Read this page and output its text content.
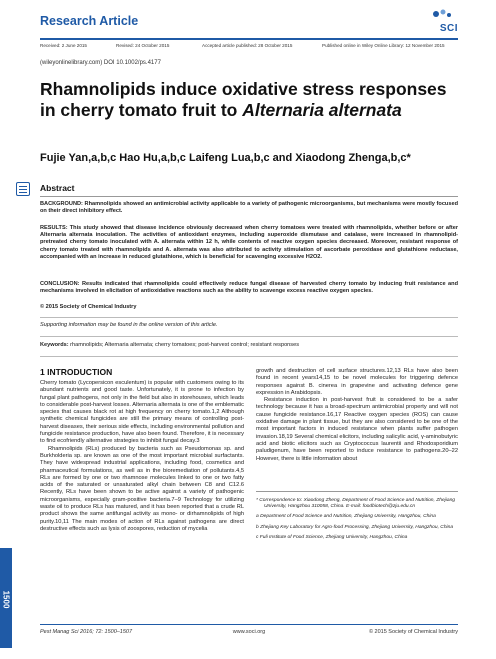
Research Article
SCI
Received: 2 June 2015	Revised: 24 October 2015	Accepted article published: 28 October 2015	Published online in Wiley Online Library: 12 November 2015
(wileyonlinelibrary.com) DOI 10.1002/ps.4177
Rhamnolipids induce oxidative stress responses in cherry tomato fruit to Alternaria alternata
Fujie Yan,a,b,c Hao Hu,a,b,c Laifeng Lua,b,c and Xiaodong Zhenga,b,c*
Abstract
BACKGROUND: Rhamnolipids showed an antimicrobial activity applicable to a variety of pathogenic microorganisms, but mechanisms were mostly focused on their direct inhibitory effect.
RESULTS: This study showed that disease incidence obviously decreased when cherry tomatoes were treated with rhamnolipids, whether before or after Alternaria alternata inoculation. The activities of antioxidant enzymes, including superoxide dismutase and catalase, were increased in rhamnolipid-pretreated cherry tomato inoculated with A. alternata within 12 h, while contents of reactive oxygen species decreased. Moreover, resistant response of cherry tomato treated with rhamnolipids and A. alternata was also attributed to activity stimulation of ascorbate peroxidase and glutathione reductase, accompanied with an increase in reduced glutathione, which is beneficial for scavenging excessive H2O2.
CONCLUSION: Results indicated that rhamnolipids could effectively reduce fungal disease of harvested cherry tomato by inducing fruit resistance and mechanisms involved in elicitation of antioxidative reactions such as the ability to scavenge excess reactive oxygen species.
© 2015 Society of Chemical Industry
Supporting information may be found in the online version of this article.
Keywords: rhamnolipids; Alternaria alternata; cherry tomatoes; post-harvest control; resistant responses
1 INTRODUCTION

Cherry tomato (Lycopersicon esculentum) is popular with customers owing to its abundant nutrients and good taste. Unfortunately, it is prone to infection by fungal plant pathogens, not only in the field but also in storehouses, which leads to considerable post-harvest losses. Alternaria alternata is one of the emblematic species that causes black rot at high frequency on cherry tomato.1,2 Although synthetic chemical fungicides are still the primary means of controlling post-harvest diseases, their serious side effects, including environmental pollution and fungicide resistance production, have also been found. Therefore, it is necessary to find ecofriendly alternative strategies to inhibit fungal decay.3

Rhamnolipids (RLs) produced by bacteria such as Pseudomonas sp. and Burkholderia sp. are known as one of the most important microbial surfactants. They have widespread industrial applications, including food, cosmetics and pharmaceutical formulations, as well as in the bioremediation of pollutants.4,5 RLs are formed by one or two rhamnose molecules linked to one or two fatty acids of the saturated or unsaturated alkyl chain between C8 and C12.6 Recently, RLs have been shown to be active against a variety of pathogenic microorganisms, especially gram-positive bacteria.7–9 Technology for utilizing waste oil to produce RLs has matured, and it has been reported that a crude RL product shows the same antifungal activity as mono- or dirhamnolipids of high purity.10,11 The main modes of action of RLs against pathogens are direct destructive effects such as lysis of zoospores, reduction of mycelia

growth and destruction of cell surface structures.12,13 RLs have also been found in recent years14,15 to be novel molecules for triggering defence responses against B. cinerea in grapevine and activating defence gene expression in Arabidopsis.

Resistance induction in post-harvest fruit is considered to be a safer technology because it has a broad-spectrum antimicrobial property and will not cause fungicide resistance.16,17 Reactive oxygen species (ROS) can cause oxidative damage in plant tissue, but they are also considered to be one of the most important factors in induced resistance when plants suffer pathogen invasion.18,19 Several chemical elicitors, including salicylic acid, γ-aminobutyric acid and biotic elicitors such as Cryptococcus laurentii and Rhodosporidium paludigenum, have been reported to induce resistance to pathogens.20–22 However, there is little information about

* Correspondence to: Xiaodong Zheng, Department of Food Science and Nutrition, Zhejiang University, Hangzhou 310058, China. E-mail: foodbiotech@zju.edu.cn
a Department of Food Science and Nutrition, Zhejiang University, Hangzhou, China
b Zhejiang Key Laboratory for Agro-food Processing, Zhejiang University, Hangzhou, China
c Fuli Institute of Food Science, Zhejiang University, Hangzhou, China
1500
Pest Manag Sci 2016; 72: 1500–1507	www.soci.org	© 2015 Society of Chemical Industry
